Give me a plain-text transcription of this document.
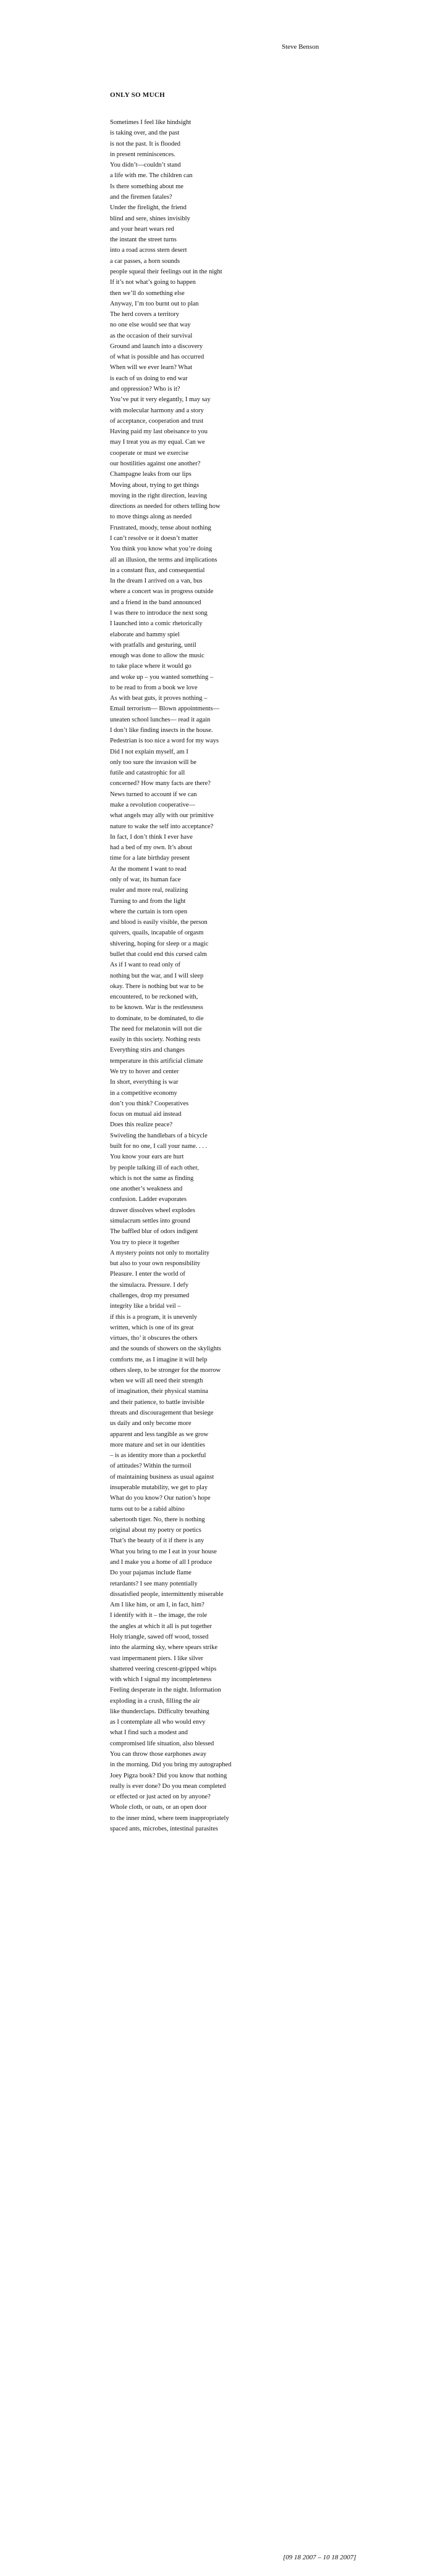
Steve Benson
ONLY SO MUCH
Sometimes I feel like hindsight
is taking over, and the past
is not the past. It is flooded
in present reminiscences.
You didn’t—couldn’t stand
a life with me. The children can
Is there something about me
and the firemen fatales?
Under the firelight, the friend
blind and sere, shines invisibly
and your heart wears red
the instant the street turns
into a road across stern desert
a car passes, a horn sounds
people squeal their feelings out in the night
If it’s not what’s going to happen
then we’ll do something else
Anyway, I’m too burnt out to plan
The herd covers a territory
no one else would see that way
as the occasion of their survival
Ground and launch into a discovery
of what is possible and has occurred
When will we ever learn? What
is each of us doing to end war
and oppression? Who is it?
You’ve put it very elegantly, I may say
with molecular harmony and a story
of acceptance, cooperation and trust
Having paid my last obeisance to you
may I treat you as my equal. Can we
cooperate or must we exercise
our hostilities against one another?
Champagne leaks from our lips
Moving about, trying to get things
moving in the right direction, leaving
directions as needed for others telling how
to move things along as needed
Frustrated, moody, tense about nothing
I can’t resolve or it doesn’t matter
You think you know what you’re doing
all an illusion, the terms and implications
in a constant flux, and consequential
In the dream I arrived on a van, bus
where a concert was in progress outside
and a friend in the band announced
I was there to introduce the next song
I launched into a comic rhetorically
elaborate and hammy spiel
with pratfalls and gesturing, until
enough was done to allow the music
to take place where it would go
and woke up – you wanted something –
to be read to from a book we love
As with beat guts, it proves nothing –
Email terrorism— Blown appointments—
uneaten school lunches— read it again
I don’t like finding insects in the house.
Pedestrian is too nice a word for my ways
Did I not explain myself, am I
only too sure the invasion will be
futile and catastrophic for all
concerned? How many facts are there?
News turned to account if we can
make a revolution cooperative—
what angels may ally with our primitive
nature to wake the self into acceptance?
In fact, I don’t think I ever have
had a bed of my own. It’s about
time for a late birthday present
At the moment I want to read
only of war, its human face
realer and more real, realizing
Turning to and from the light
where the curtain is torn open
and blood is easily visible, the person
quivers, quails, incapable of orgasm
shivering, hoping for sleep or a magic
bullet that could end this cursed calm
As if I want to read only of
nothing but the war, and I will sleep
okay. There is nothing but war to be
encountered, to be reckoned with,
to be known. War is the restlessness
to dominate, to be dominated, to die
The need for melatonin will not die
easily in this society. Nothing rests
Everything stirs and changes
temperature in this artificial climate
We try to hover and center
In short, everything is war
in a competitive economy
don’t you think? Cooperatives
focus on mutual aid instead
Does this realize peace?
Swiveling the handlebars of a bicycle
built for no one, I call your name. . . .
You know your ears are hurt
by people talking ill of each other,
which is not the same as finding
one another’s weakness and
confusion. Ladder evaporates
drawer dissolves wheel explodes
simulacrum settles into ground
The baffled blur of odors indigent
You try to piece it together
A mystery points not only to mortality
but also to your own responsibility
Pleasure. I enter the world of
the simulacra. Pressure. I defy
challenges, drop my presumed
integrity like a bridal veil –
if this is a program, it is unevenly
written, which is one of its great
virtues, tho’ it obscures the others
and the sounds of showers on the skylights
comforts me, as I imagine it will help
others sleep, to be stronger for the morrow
when we will all need their strength
of imagination, their physical stamina
and their patience, to battle invisible
threats and discouragement that besiege
us daily and only become more
apparent and less tangible as we grow
more mature and set in our identities
– is as identity more than a pocketful
of attitudes? Within the turmoil
of maintaining business as usual against
insuperable mutability, we get to play
What do you know? Our nation’s hope
turns out to be a rabid albino
sabertooth tiger. No, there is nothing
original about my poetry or poetics
That’s the beauty of it if there is any
What you bring to me I eat in your house
and I make you a home of all I produce
Do your pajamas include flame
retardants? I see many potentially
dissatisfied people, intermittently miserable
Am I like him, or am I, in fact, him?
I identify with it – the image, the role
the angles at which it all is put together
Holy triangle, sawed off wood, tossed
into the alarming sky, where spears strike
vast impermanent piers. I like silver
shattered veering crescent-gripped whips
with which I signal my incompleteness
Feeling desperate in the night. Information
exploding in a crush, filling the air
like thunderclaps. Difficulty breathing
as I contemplate all who would envy
what I find such a modest and
compromised life situation, also blessed
You can throw those earphones away
in the morning. Did you bring my autographed
Joey Pigza book? Did you know that nothing
really is ever done? Do you mean completed
or effected or just acted on by anyone?
Whole cloth, or oats, or an open door
to the inner mind, where teem inappropriately
spaced ants, microbes, intestinal parasites
[09 18 2007 – 10 18 2007]
